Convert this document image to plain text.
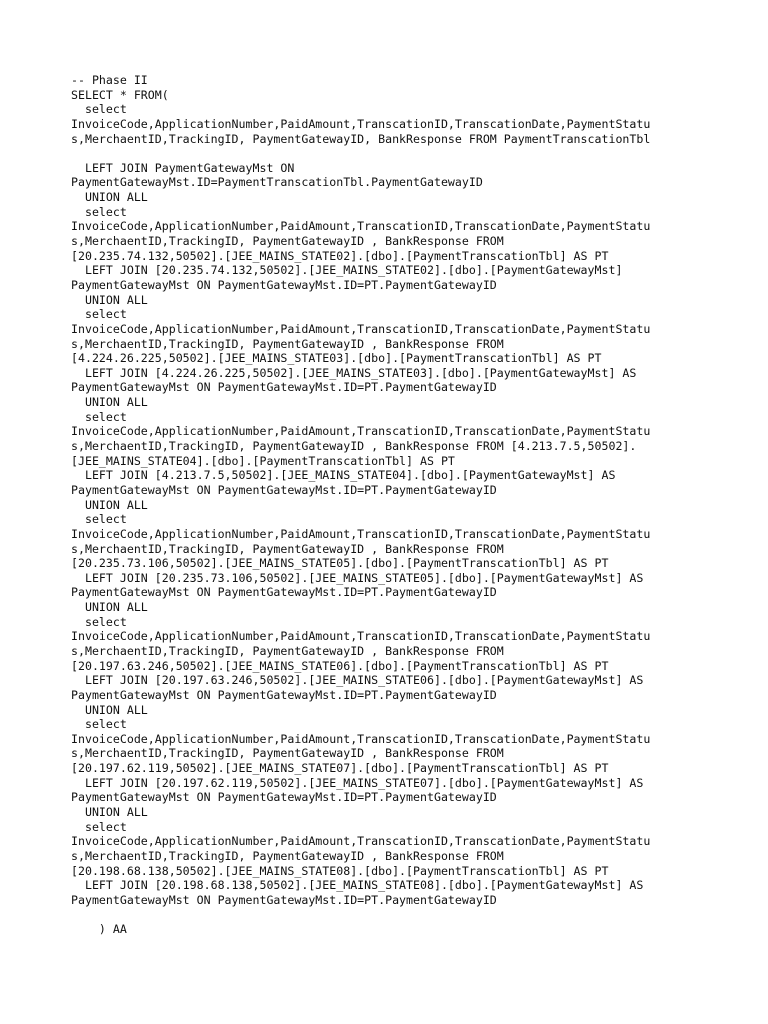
-- Phase II
SELECT * FROM(
select
InvoiceCode,ApplicationNumber,PaidAmount,TranscationID,TranscationDate,PaymentStatu
s,MerchaentID,TrackingID, PaymentGatewayID, BankResponse FROM PaymentTranscationTbl
LEFT JOIN PaymentGatewayMst ON
PaymentGatewayMst.ID=PaymentTranscationTbl.PaymentGatewayID
UNION ALL
select
InvoiceCode,ApplicationNumber,PaidAmount,TranscationID,TranscationDate,PaymentStatu
s,MerchaentID,TrackingID, PaymentGatewayID , BankResponse FROM
[20.235.74.132,50502].[JEE_MAINS_STATE02].[dbo].[PaymentTranscationTbl] AS PT
LEFT JOIN [20.235.74.132,50502].[JEE_MAINS_STATE02].[dbo].[PaymentGatewayMst]
PaymentGatewayMst ON PaymentGatewayMst.ID=PT.PaymentGatewayID
UNION ALL
select
InvoiceCode,ApplicationNumber,PaidAmount,TranscationID,TranscationDate,PaymentStatu
s,MerchaentID,TrackingID, PaymentGatewayID , BankResponse FROM
[4.224.26.225,50502].[JEE_MAINS_STATE03].[dbo].[PaymentTranscationTbl] AS PT
LEFT JOIN [4.224.26.225,50502].[JEE_MAINS_STATE03].[dbo].[PaymentGatewayMst] AS
PaymentGatewayMst ON PaymentGatewayMst.ID=PT.PaymentGatewayID
UNION ALL
select
InvoiceCode,ApplicationNumber,PaidAmount,TranscationID,TranscationDate,PaymentStatu
s,MerchaentID,TrackingID, PaymentGatewayID , BankResponse FROM [4.213.7.5,50502].
[JEE_MAINS_STATE04].[dbo].[PaymentTranscationTbl] AS PT
LEFT JOIN [4.213.7.5,50502].[JEE_MAINS_STATE04].[dbo].[PaymentGatewayMst] AS
PaymentGatewayMst ON PaymentGatewayMst.ID=PT.PaymentGatewayID
UNION ALL
select
InvoiceCode,ApplicationNumber,PaidAmount,TranscationID,TranscationDate,PaymentStatu
s,MerchaentID,TrackingID, PaymentGatewayID , BankResponse FROM
[20.235.73.106,50502].[JEE_MAINS_STATE05].[dbo].[PaymentTranscationTbl] AS PT
LEFT JOIN [20.235.73.106,50502].[JEE_MAINS_STATE05].[dbo].[PaymentGatewayMst] AS
PaymentGatewayMst ON PaymentGatewayMst.ID=PT.PaymentGatewayID
UNION ALL
select
InvoiceCode,ApplicationNumber,PaidAmount,TranscationID,TranscationDate,PaymentStatu
s,MerchaentID,TrackingID, PaymentGatewayID , BankResponse FROM
[20.197.63.246,50502].[JEE_MAINS_STATE06].[dbo].[PaymentTranscationTbl] AS PT
LEFT JOIN [20.197.63.246,50502].[JEE_MAINS_STATE06].[dbo].[PaymentGatewayMst] AS
PaymentGatewayMst ON PaymentGatewayMst.ID=PT.PaymentGatewayID
UNION ALL
select
InvoiceCode,ApplicationNumber,PaidAmount,TranscationID,TranscationDate,PaymentStatu
s,MerchaentID,TrackingID, PaymentGatewayID , BankResponse FROM
[20.197.62.119,50502].[JEE_MAINS_STATE07].[dbo].[PaymentTranscationTbl] AS PT
LEFT JOIN [20.197.62.119,50502].[JEE_MAINS_STATE07].[dbo].[PaymentGatewayMst] AS
PaymentGatewayMst ON PaymentGatewayMst.ID=PT.PaymentGatewayID
UNION ALL
select
InvoiceCode,ApplicationNumber,PaidAmount,TranscationID,TranscationDate,PaymentStatu
s,MerchaentID,TrackingID, PaymentGatewayID , BankResponse FROM
[20.198.68.138,50502].[JEE_MAINS_STATE08].[dbo].[PaymentTranscationTbl] AS PT
LEFT JOIN [20.198.68.138,50502].[JEE_MAINS_STATE08].[dbo].[PaymentGatewayMst] AS
PaymentGatewayMst ON PaymentGatewayMst.ID=PT.PaymentGatewayID
) AA
